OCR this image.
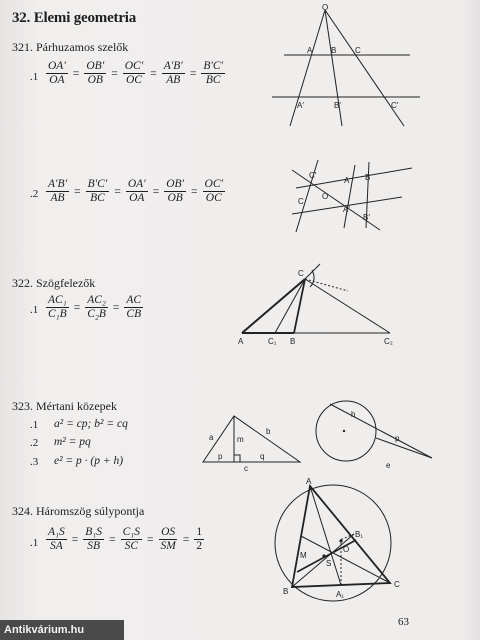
32. Elemi geometria
321. Párhuzamos szelők
$.1 \frac{OA'}{OA} = \frac{OB'}{OB} = \frac{OC'}{OC} = \frac{A'B'}{AB} = \frac{B'C'}{BC}$
$.2 \frac{A'B'}{AB} = \frac{B'C'}{BC} = \frac{OA'}{OA} = \frac{OB'}{OB} = \frac{OC'}{OC}$
322. Szögfelezők
$.1 \frac{\text{AC₁}}{\text{C₁B}} = \frac{\text{AC₂}}{\text{C₂B}} = \frac{AC}{CB}$
323. Mértani közepek
.1 a² = cp; b² = cq
.2 m² = pq
.3 e² = p · (p + h)
324. Háromszög súlypontja
$.1 \frac{\text{A₁S}}{SA} = \frac{\text{B₁S}}{SB} = \frac{\text{C₁S}}{SC} = \frac{OS}{SM} = \frac{1}{2}$
O
A B C
A′	B′	C′
C′
A B
C
O
A′
B′
C
A	C₁ B	C₂
a	m
b
p	q
c
h
p
e
A
B₁
M
O
S
B	A₁
C
63
Antikvárium.hu
